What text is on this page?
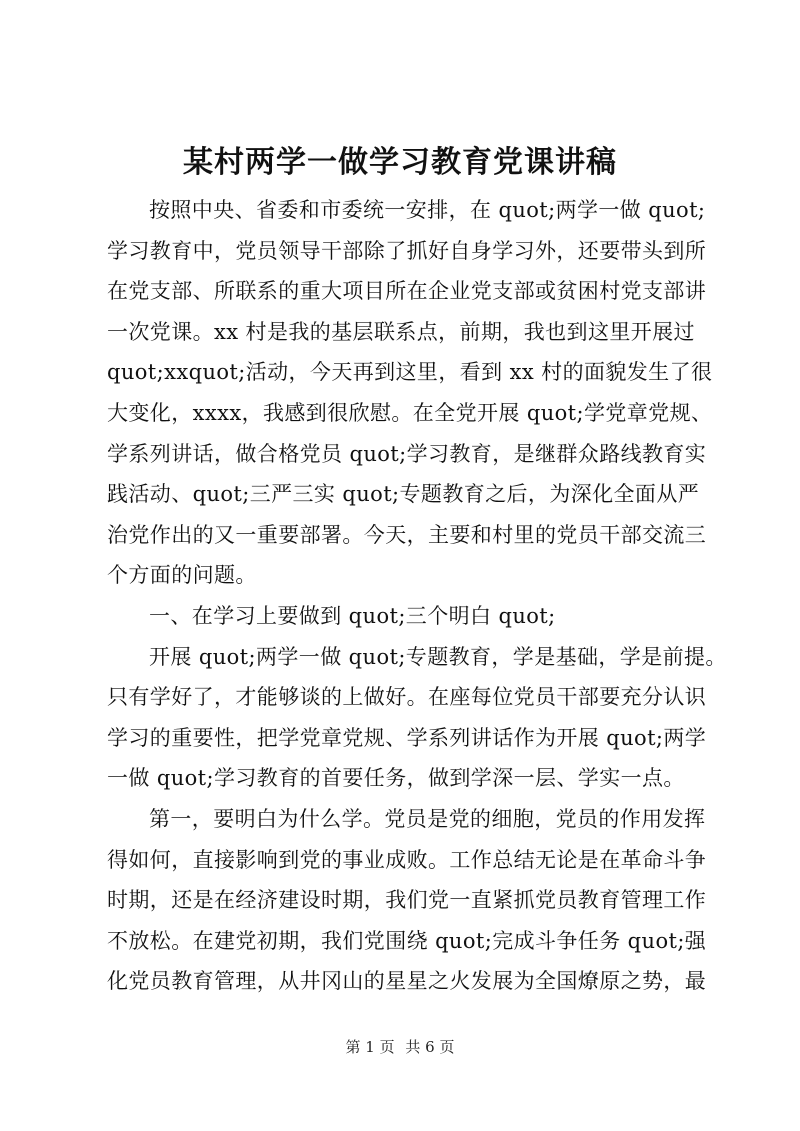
某村两学一做学习教育党课讲稿
按照中央、省委和市委统一安排，在 quot;两学一做 quot;
学习教育中，党员领导干部除了抓好自身学习外，还要带头到所
在党支部、所联系的重大项目所在企业党支部或贫困村党支部讲
一次党课。xx 村是我的基层联系点，前期，我也到这里开展过
quot;xxquot;活动，今天再到这里，看到 xx 村的面貌发生了很
大变化，xxxx，我感到很欣慰。在全党开展 quot;学党章党规、
学系列讲话，做合格党员 quot;学习教育，是继群众路线教育实
践活动、quot;三严三实 quot;专题教育之后，为深化全面从严
治党作出的又一重要部署。今天，主要和村里的党员干部交流三
个方面的问题。
一、在学习上要做到 quot;三个明白 quot;
开展 quot;两学一做 quot;专题教育，学是基础，学是前提。
只有学好了，才能够谈的上做好。在座每位党员干部要充分认识
学习的重要性，把学党章党规、学系列讲话作为开展 quot;两学
一做 quot;学习教育的首要任务，做到学深一层、学实一点。
第一，要明白为什么学。党员是党的细胞，党员的作用发挥
得如何，直接影响到党的事业成败。工作总结无论是在革命斗争
时期，还是在经济建设时期，我们党一直紧抓党员教育管理工作
不放松。在建党初期，我们党围绕 quot;完成斗争任务 quot;强
化党员教育管理，从井冈山的星星之火发展为全国燎原之势，最
第 1 页 共 6 页
